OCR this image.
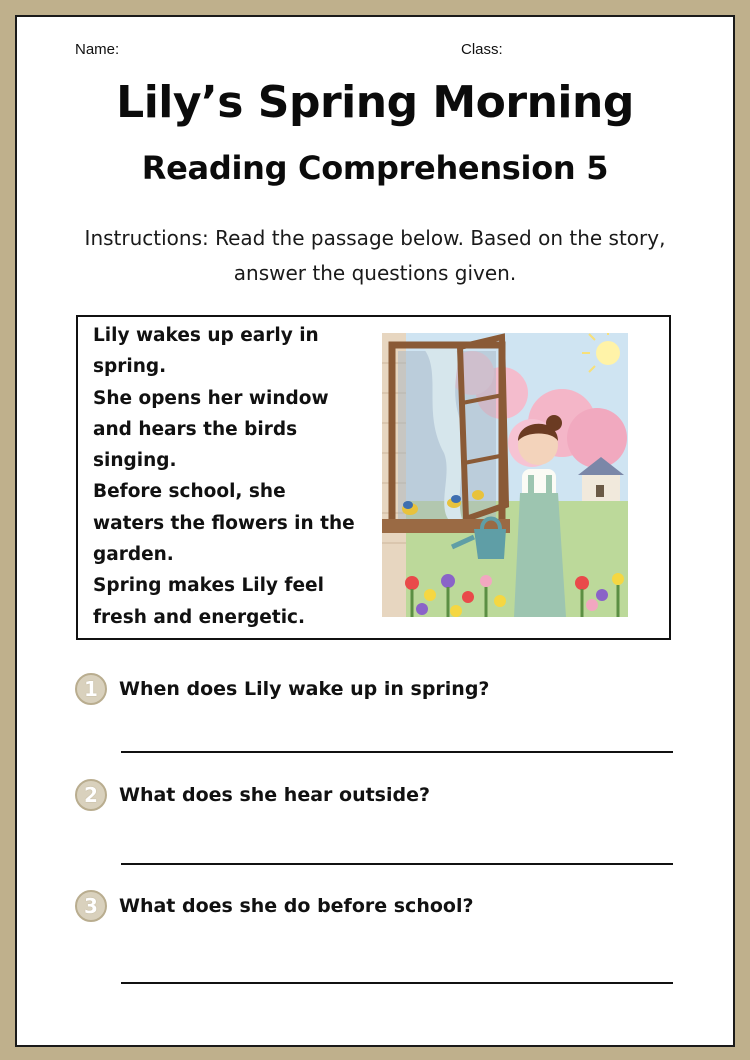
Name:	Class:
Lily’s Spring Morning
Reading Comprehension 5

Instructions: Read the passage below. Based on the story, answer the questions given.

Lily wakes up early in spring.
She opens her window and hears the birds singing.
Before school, she waters the flowers in the garden.
Spring makes Lily feel fresh and energetic.
1	When does Lily wake up in spring?
2	What does she hear outside?
3	What does she do before school?
